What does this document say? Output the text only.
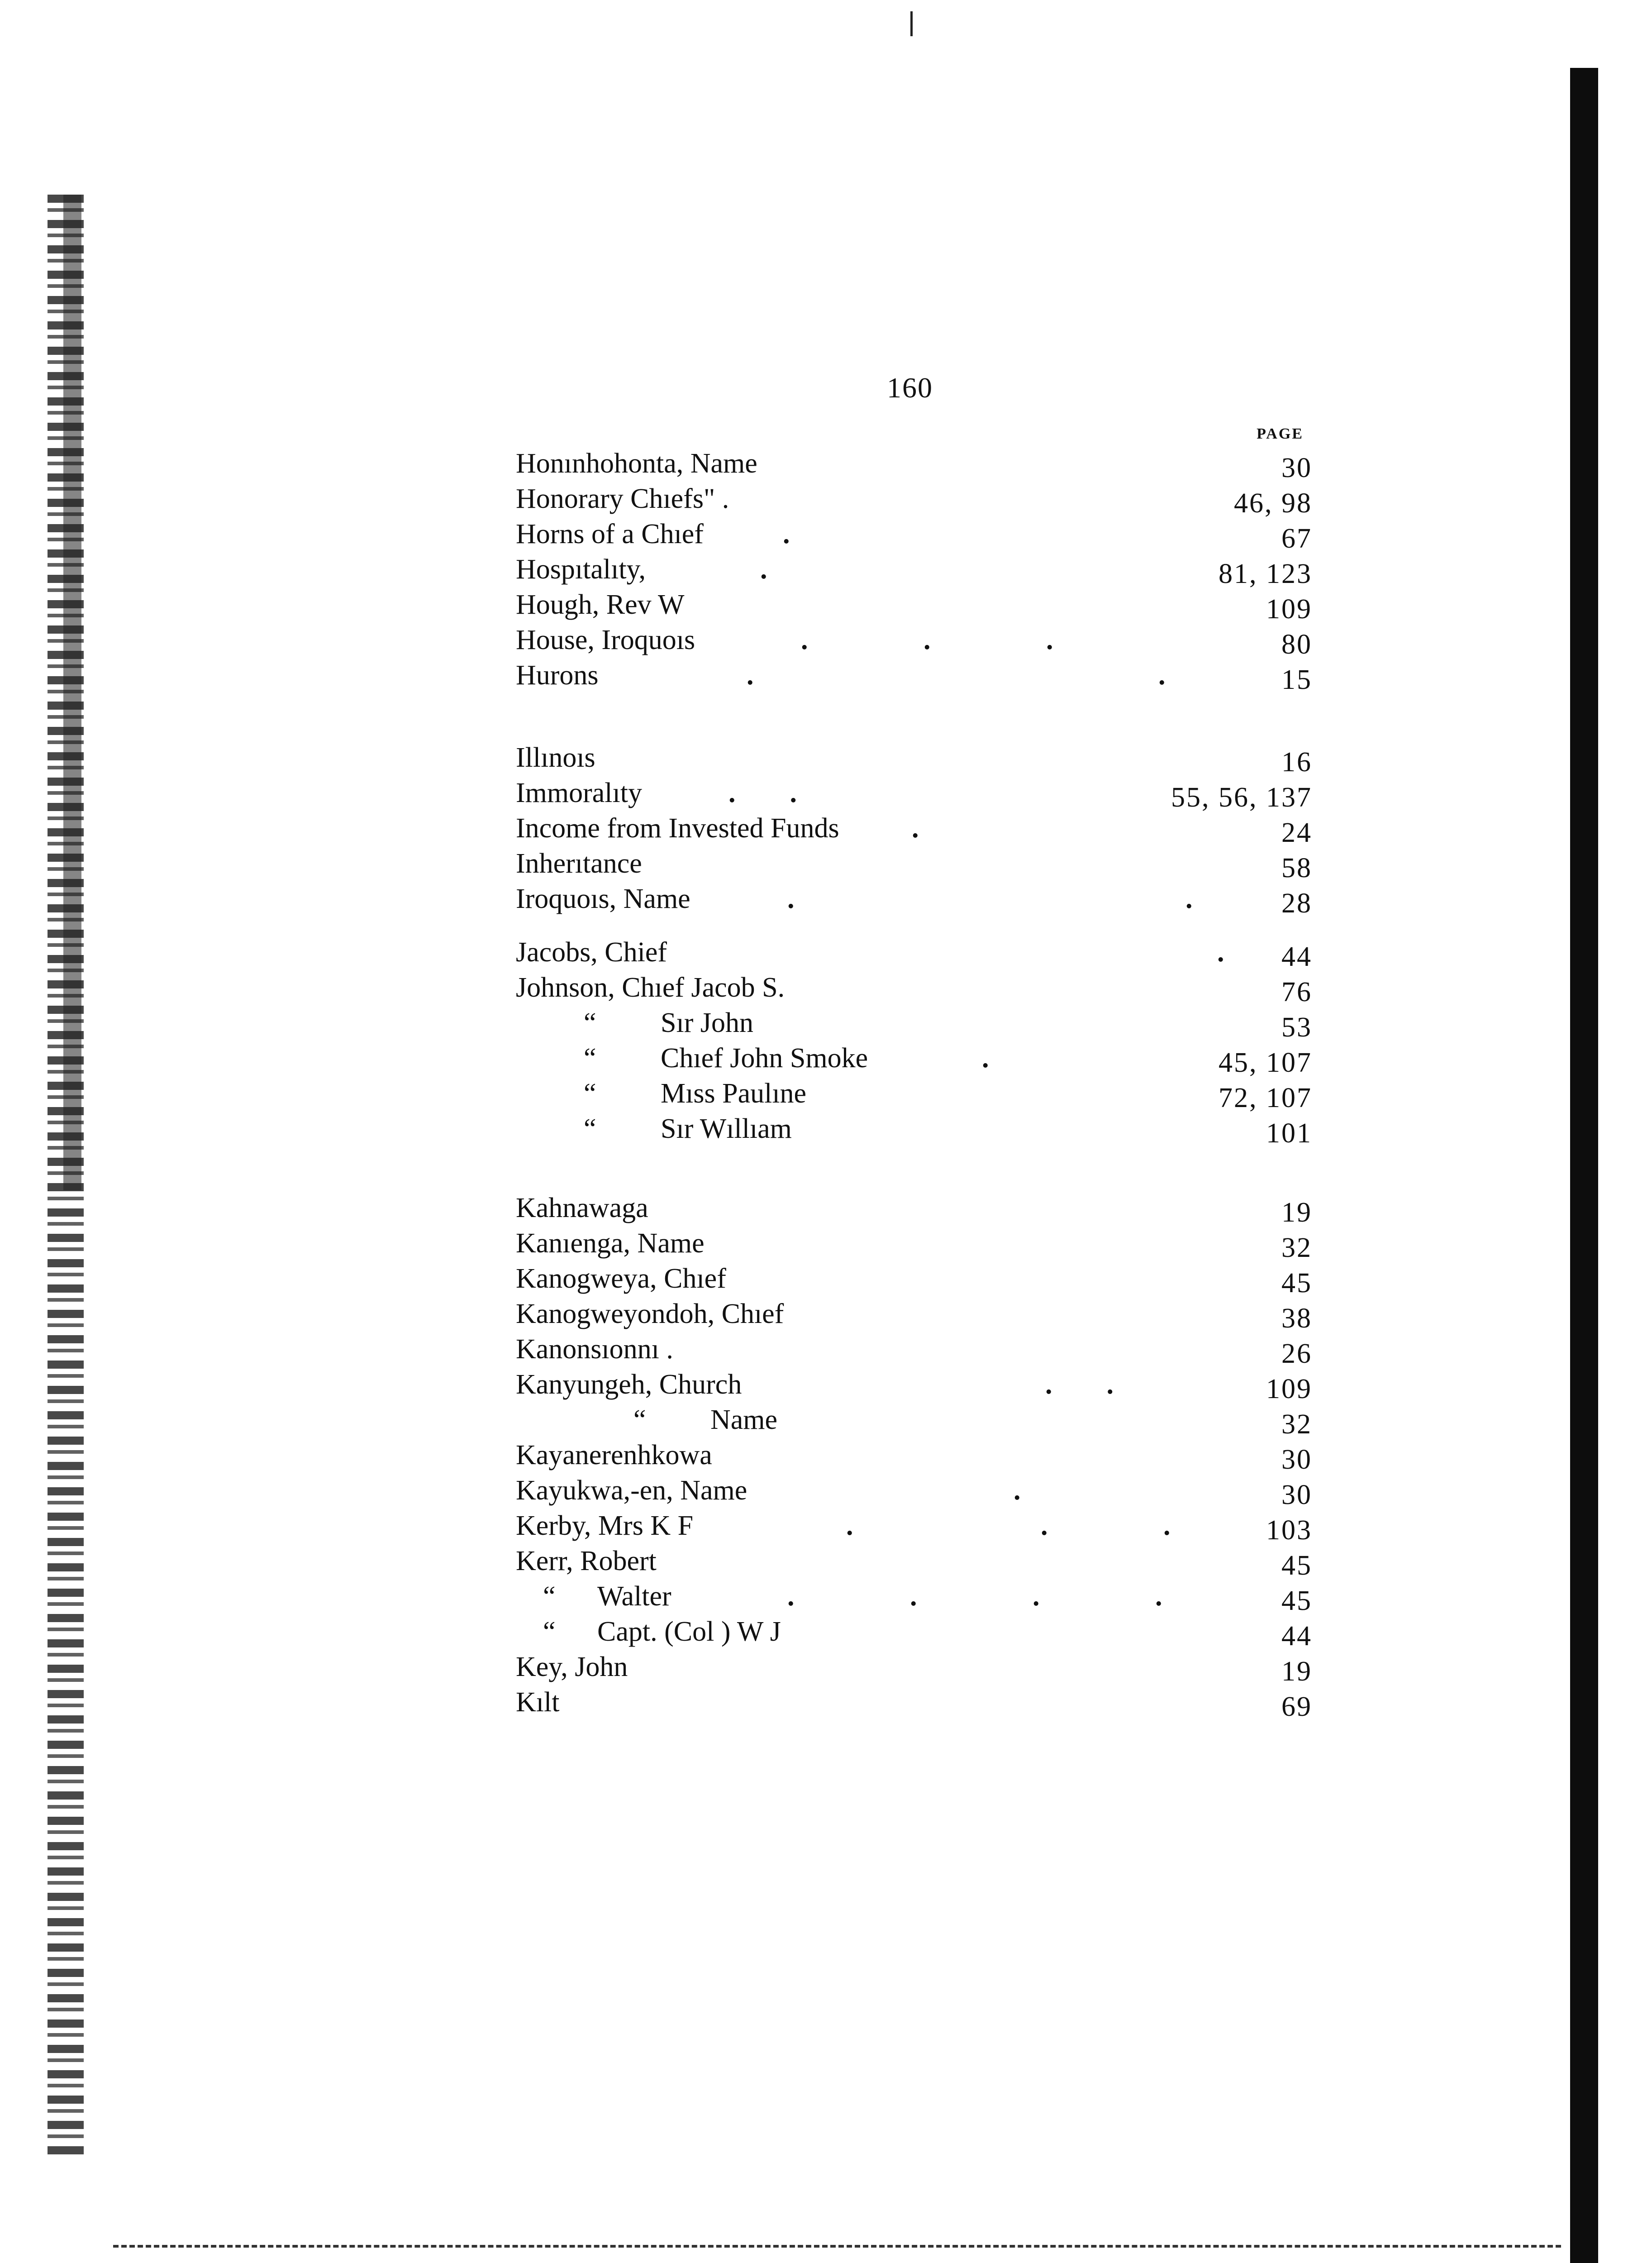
160
PAGE
Honınhohonta, Name	30
Honorary Chıefs" .	46, 98
Horns of a Chıef	.	67
Hospıtalıty,	.	81, 123
Hough, Rev W	109
House, Iroquoıs	. . .	80
Hurons	.	. 15
Illınoıs	16
Immoralıty	..	55, 56, 137
Income from Invested Funds	.	24
Inherıtance	58
Iroquoıs, Name	.	. 28
Jacobs, Chief	. 44
Johnson, Chıef Jacob S.	76
“ Sır John	53
“ Chıef John Smoke	.	45, 107
“ Mıss Paulıne	72, 107
“ Sır Wıllıam	101
Kahnawaga	19
Kanıenga, Name	32
Kanogweya, Chıef	45
Kanogweyondoh, Chıef	38
Kanonsıonnı .	26
Kanyungeh, Church	..	109
“ Name	32
Kayanerenhkowa	30
Kayukwa,-en, Name	.	30
Kerby, Mrs K F	.	. . 103
Kerr, Robert	45
“ Walter	. . . . 45
“ Capt. (Col ) W J	44
Key, John	19
Kılt	69
